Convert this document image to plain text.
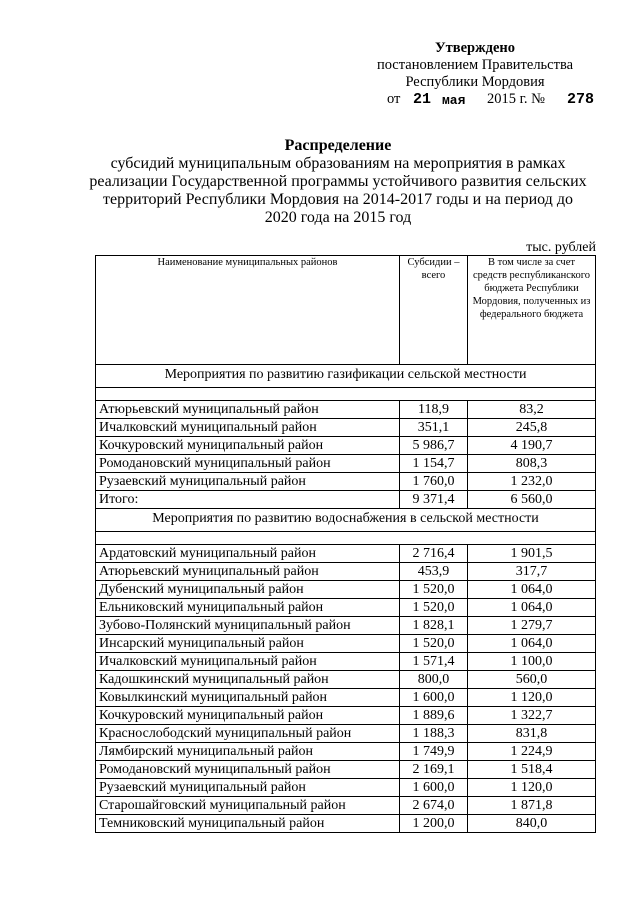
Утверждено
постановлением Правительства
Республики Мордовия
от 21 мая 2015 г. № 278
Распределение
субсидий муниципальным образованиям на мероприятия в рамках реализации Государственной программы устойчивого развития сельских территорий Республики Мордовия на 2014-2017 годы и на период до 2020 года на 2015 год
тыс. рублей
Наименование муниципальных районов	Субсидии – всего	В том числе за счет средств республиканского бюджета Республики Мордовия, полученных из федерального бюджета
Мероприятия по развитию газификации сельской местности		

Атюрьевский муниципальный район	118,9	83,2
Ичалковский муниципальный район	351,1	245,8
Кочкуровский муниципальный район	5 986,7	4 190,7
Ромодановский муниципальный район	1 154,7	808,3
Рузаевский муниципальный район	1 760,0	1 232,0
Итого:	9 371,4	6 560,0
Мероприятия по развитию водоснабжения в сельской местности		

Ардатовский муниципальный район	2 716,4	1 901,5
Атюрьевский муниципальный район	453,9	317,7
Дубенский муниципальный район	1 520,0	1 064,0
Ельниковский муниципальный район	1 520,0	1 064,0
Зубово-Полянский муниципальный район	1 828,1	1 279,7
Инсарский муниципальный район	1 520,0	1 064,0
Ичалковский муниципальный район	1 571,4	1 100,0
Кадошкинский муниципальный район	800,0	560,0
Ковылкинский муниципальный район	1 600,0	1 120,0
Кочкуровский муниципальный район	1 889,6	1 322,7
Краснослободский муниципальный район	1 188,3	831,8
Лямбирский муниципальный район	1 749,9	1 224,9
Ромодановский муниципальный район	2 169,1	1 518,4
Рузаевский муниципальный район	1 600,0	1 120,0
Старошайговский муниципальный район	2 674,0	1 871,8
Темниковский муниципальный район	1 200,0	840,0
